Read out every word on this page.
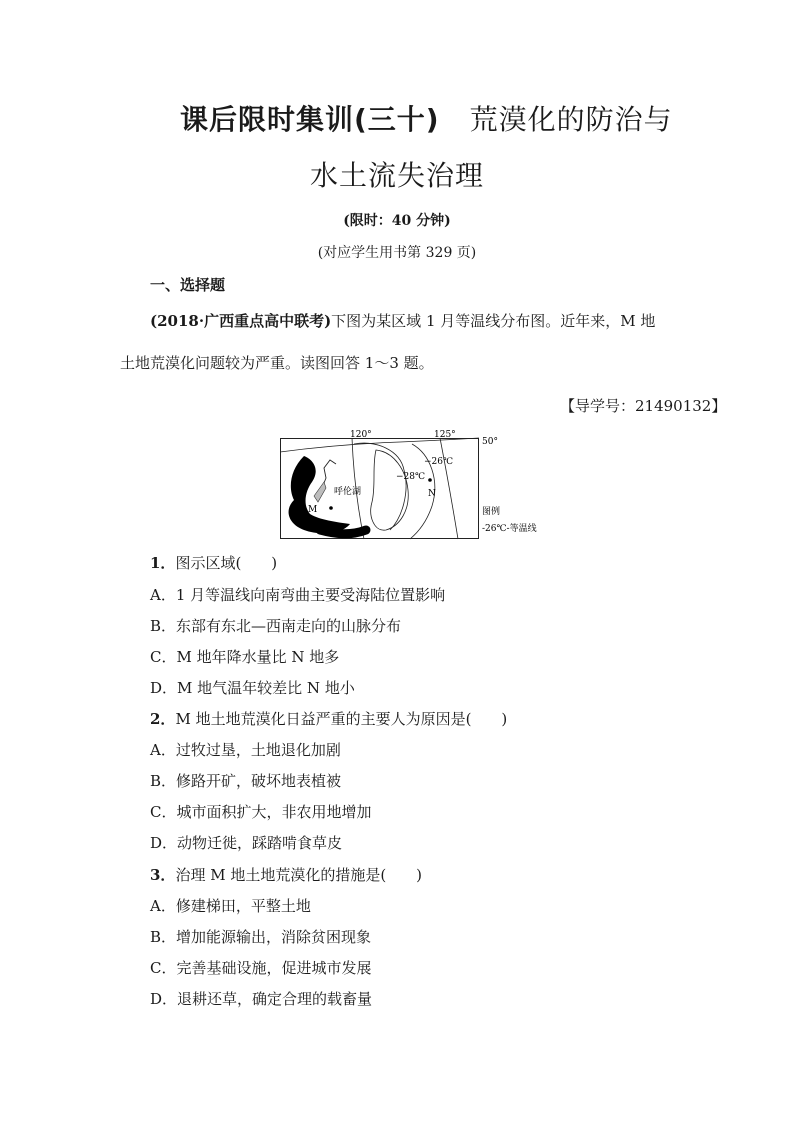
课后限时集训(三十) 荒漠化的防治与
水土流失治理
(限时：40 分钟)
(对应学生用书第 329 页)
一、选择题
(2018·广西重点高中联考)下图为某区域 1 月等温线分布图。近年来，M 地
土地荒漠化问题较为严重。读图回答 1～3 题。
【导学号：21490132】
120°	125°
50°
−26℃
−28℃
N
M
呼伦湖
图例
-26℃-等温线
1．图示区域(　　)
A．1 月等温线向南弯曲主要受海陆位置影响
B．东部有东北—西南走向的山脉分布
C．M 地年降水量比 N 地多
D．M 地气温年较差比 N 地小
2．M 地土地荒漠化日益严重的主要人为原因是(　　)
A．过牧过垦，土地退化加剧
B．修路开矿，破坏地表植被
C．城市面积扩大，非农用地增加
D．动物迁徙，踩踏啃食草皮
3．治理 M 地土地荒漠化的措施是(　　)
A．修建梯田，平整土地
B．增加能源输出，消除贫困现象
C．完善基础设施，促进城市发展
D．退耕还草，确定合理的载畜量
